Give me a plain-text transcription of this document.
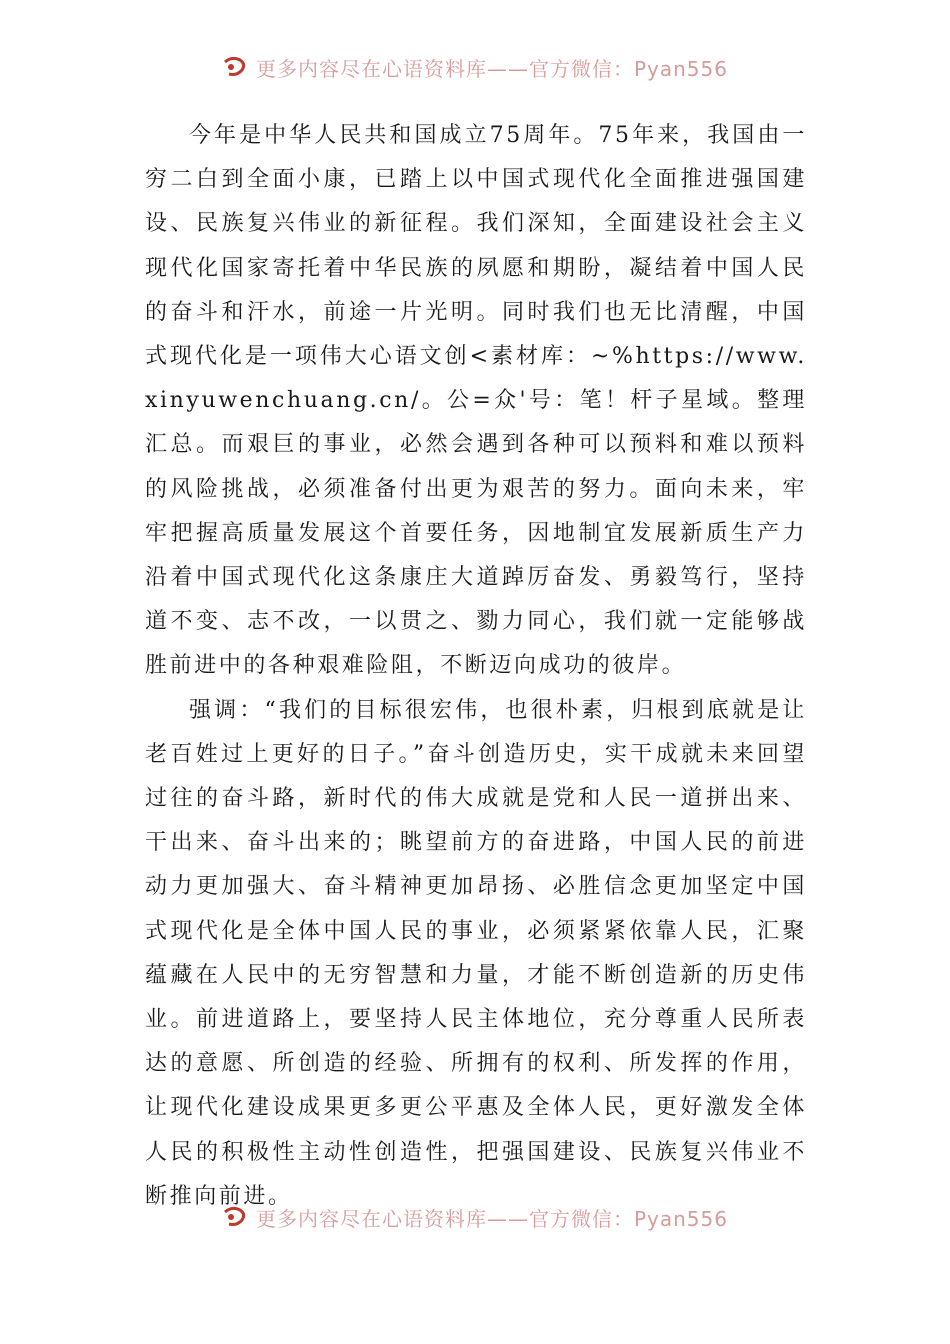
更多内容尽在心语资料库——官方微信：Pyan556

今年是中华人民共和国成立75周年。75年来，我国由一穷二白到全面小康，已踏上以中国式现代化全面推进强国建设、民族复兴伟业的新征程。我们深知，全面建设社会主义现代化国家寄托着中华民族的夙愿和期盼，凝结着中国人民的奋斗和汗水，前途一片光明。同时我们也无比清醒，中国式现代化是一项伟大心语文创<素材库：~%https://www.xinyuwenchuang.cn/。公=众'号：笔！杆子星域。整理汇总。而艰巨的事业，必然会遇到各种可以预料和难以预料的风险挑战，必须准备付出更为艰苦的努力。面向未来，牢牢把握高质量发展这个首要任务，因地制宜发展新质生产力沿着中国式现代化这条康庄大道踔厉奋发、勇毅笃行，坚持道不变、志不改，一以贯之、勠力同心，我们就一定能够战胜前进中的各种艰难险阻，不断迈向成功的彼岸。

强调：“我们的目标很宏伟，也很朴素，归根到底就是让老百姓过上更好的日子。”奋斗创造历史，实干成就未来回望过往的奋斗路，新时代的伟大成就是党和人民一道拼出来、干出来、奋斗出来的；眺望前方的奋进路，中国人民的前进动力更加强大、奋斗精神更加昂扬、必胜信念更加坚定中国式现代化是全体中国人民的事业，必须紧紧依靠人民，汇聚蕴藏在人民中的无穷智慧和力量，才能不断创造新的历史伟业。前进道路上，要坚持人民主体地位，充分尊重人民所表达的意愿、所创造的经验、所拥有的权利、所发挥的作用，让现代化建设成果更多更公平惠及全体人民，更好激发全体人民的积极性主动性创造性，把强国建设、民族复兴伟业不断推向前进。

更多内容尽在心语资料库——官方微信：Pyan556
